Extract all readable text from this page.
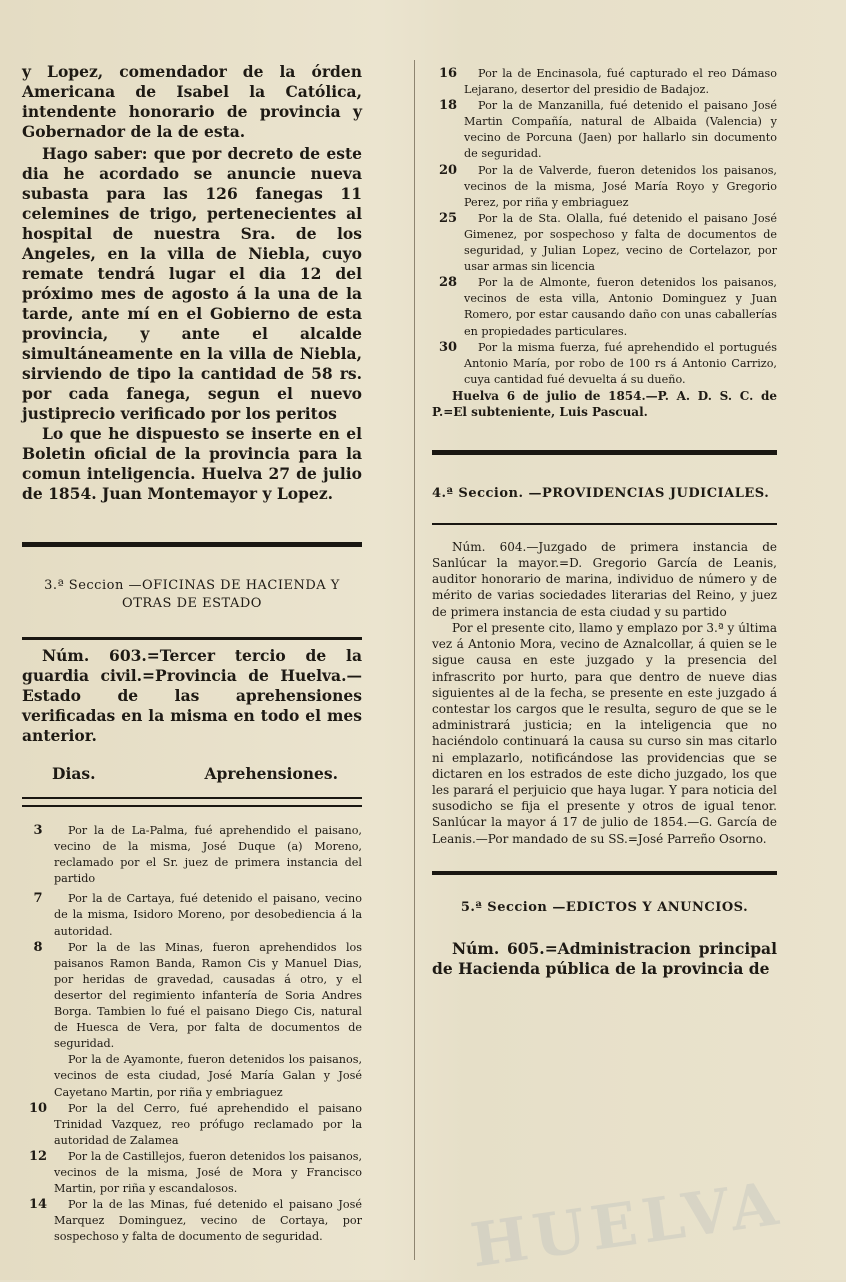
y Lopez, comendador de la órden Americana de Isabel la Católica, intendente honorario de provincia y Gobernador de la de esta.

Hago saber: que por decreto de este dia he acordado se anuncie nueva subasta para las 126 fanegas 11 celemines de trigo, pertenecientes al hospital de nuestra Sra. de los Angeles, en la villa de Niebla, cuyo remate tendrá lugar el dia 12 del próximo mes de agosto á la una de la tarde, ante mí en el Gobierno de esta provincia, y ante el alcalde simultáneamente en la villa de Niebla, sirviendo de tipo la cantidad de 58 rs. por cada fanega, segun el nuevo justiprecio verificado por los peritos

Lo que he dispuesto se inserte en el Boletin oficial de la provincia para la comun inteligencia. Huelva 27 de julio de 1854. Juan Montemayor y Lopez.

3.ª Seccion —OFICINAS DE HACIENDA Y OTRAS DE ESTADO

Núm. 603.=Tercer tercio de la guardia civil.=Provincia de Huelva.—Estado de las aprehensiones verificadas en la misma en todo el mes anterior.

Dias.	Aprehensiones.
3	Por la de La-Palma, fué aprehendido el paisano, vecino de la misma, José Duque (a) Moreno, reclamado por el Sr. juez de primera instancia del partido
7	Por la de Cartaya, fué detenido el paisano, vecino de la misma, Isidoro Moreno, por desobediencia á la autoridad.
8	Por la de las Minas, fueron aprehendidos los paisanos Ramon Banda, Ramon Cis y Manuel Dias, por heridas de gravedad, causadas á otro, y el desertor del regimiento infantería de Soria Andres Borga. Tambien lo fué el paisano Diego Cis, natural de Huesca de Vera, por falta de documentos de seguridad.
Por la de Ayamonte, fueron detenidos los paisanos, vecinos de esta ciudad, José María Galan y José Cayetano Martin, por riña y embriaguez
10	Por la del Cerro, fué aprehendido el paisano Trinidad Vazquez, reo prófugo reclamado por la autoridad de Zalamea
12	Por la de Castillejos, fueron detenidos los paisanos, vecinos de la misma, José de Mora y Francisco Martin, por riña y escandalosos.
14	Por la de las Minas, fué detenido el paisano José Marquez Dominguez, vecino de Cortaya, por sospechoso y falta de documento de seguridad.
16	Por la de Encinasola, fué capturado el reo Dámaso Lejarano, desertor del presidio de Badajoz.
18	Por la de Manzanilla, fué detenido el paisano José Martin Compañía, natural de Albaida (Valencia) y vecino de Porcuna (Jaen) por hallarlo sin documento de seguridad.
20	Por la de Valverde, fueron detenidos los paisanos, vecinos de la misma, José María Royo y Gregorio Perez, por riña y embriaguez
25	Por la de Sta. Olalla, fué detenido el paisano José Gimenez, por sospechoso y falta de documentos de seguridad, y Julian Lopez, vecino de Cortelazor, por usar armas sin licencia
28	Por la de Almonte, fueron detenidos los paisanos, vecinos de esta villa, Antonio Dominguez y Juan Romero, por estar causando daño con unas caballerías en propiedades particulares.
30	Por la misma fuerza, fué aprehendido el portugués Antonio María, por robo de 100 rs á Antonio Carrizo, cuya cantidad fué devuelta á su dueño.

Huelva 6 de julio de 1854.—P. A. D. S. C. de P.=El subteniente, Luis Pascual.

4.ª Seccion. —PROVIDENCIAS JUDICIALES.

Núm. 604.—Juzgado de primera instancia de Sanlúcar la mayor.=D. Gregorio García de Leanis, auditor honorario de marina, individuo de número y de mérito de varias sociedades literarias del Reino, y juez de primera instancia de esta ciudad y su partido

Por el presente cito, llamo y emplazo por 3.ª y última vez á Antonio Mora, vecino de Aznalcollar, á quien se le sigue causa en este juzgado y la presencia del infrascrito por hurto, para que dentro de nueve dias siguientes al de la fecha, se presente en este juzgado á contestar los cargos que le resulta, seguro de que se le administrará justicia; en la inteligencia que no haciéndolo continuará la causa su curso sin mas citarlo ni emplazarlo, notificándose las providencias que se dictaren en los estrados de este dicho juzgado, los que les parará el perjuicio que haya lugar. Y para noticia del susodicho se fija el presente y otros de igual tenor. Sanlúcar la mayor á 17 de julio de 1854.—G. García de Leanis.—Por mandado de su SS.=José Parreño Osorno.

5.ª Seccion —EDICTOS Y ANUNCIOS.

Núm. 605.=Administracion principal de Hacienda pública de la provincia de

HUELVA
